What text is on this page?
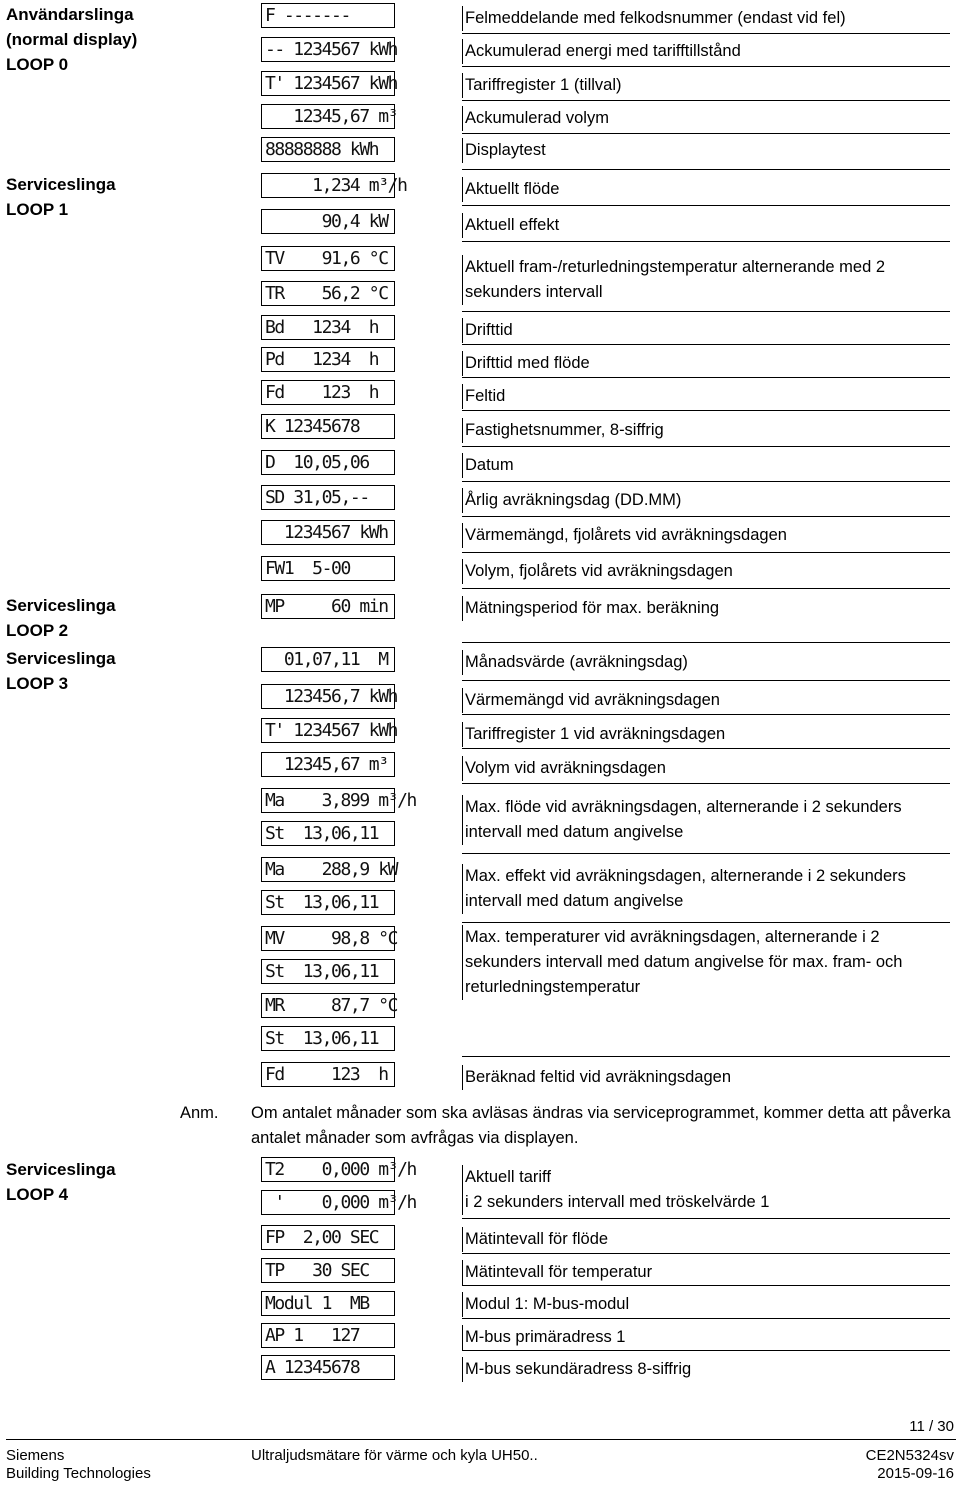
Användarslinga
(normal display)
LOOP 0
Serviceslinga
LOOP 1
Serviceslinga
LOOP 2
Serviceslinga
LOOP 3
Serviceslinga
LOOP 4
F -------
-- 1234567 kWh
T' 1234567 kWh
12345,67 m³
88888888 kWh
1,234 m³/h
90,4 kW
TV    91,6 °C
TR    56,2 °C
Bd   1234  h
Pd   1234  h
Fd    123  h
K 12345678
D  10,05,06
SD 31,05,--
1234567 kWh
FW1  5-00
MP     60 min
01,07,11  M
123456,7 kWh
T' 1234567 kWh
12345,67 m³
Ma    3,899 m³/h
St  13,06,11
Ma    288,9 kW
St  13,06,11
MV     98,8 °C
St  13,06,11
MR     87,7 °C
St  13,06,11
Fd     123  h
T2    0,000 m³/h
'    0,000 m³/h
FP  2,00 SEC
TP   30 SEC
Modul 1  MB
AP 1   127
A 12345678
Felmeddelande med felkodsnummer (endast vid fel)
Ackumulerad energi med tarifftillstånd
Tariffregister 1 (tillval)
Ackumulerad volym
Displaytest
Aktuellt flöde
Aktuell effekt
Aktuell fram-/returledningstemperatur alternerande med 2 sekunders intervall
Drifttid
Drifttid med flöde
Feltid
Fastighetsnummer, 8-siffrig
Datum
Årlig avräkningsdag (DD.MM)
Värmemängd, fjolårets vid avräkningsdagen
Volym, fjolårets vid avräkningsdagen
Mätningsperiod för max. beräkning
Månadsvärde (avräkningsdag)
Värmemängd vid avräkningsdagen
Tariffregister 1 vid avräkningsdagen
Volym vid avräkningsdagen
Max. flöde vid avräkningsdagen, alternerande i 2 sekunders intervall med datum angivelse
Max. effekt vid avräkningsdagen, alternerande i 2 sekunders intervall med datum angivelse
Max. temperaturer vid avräkningsdagen, alternerande i 2 sekunders intervall med datum angivelse för max. fram- och returledningstemperatur
Beräknad feltid vid avräkningsdagen
Aktuell tariff
i 2 sekunders intervall med tröskelvärde 1
Mätintevall för flöde
Mätintevall för temperatur
Modul 1: M-bus-modul
M-bus primäradress 1
M-bus sekundäradress 8-siffrig
Anm. Om antalet månader som ska avläsas ändras via serviceprogrammet, kommer detta att påverka antalet månader som avfrågas via displayen.
11 / 30
Siemens
Building Technologies
Ultraljudsmätare för värme och kyla UH50..	CE2N5324sv
2015-09-16
